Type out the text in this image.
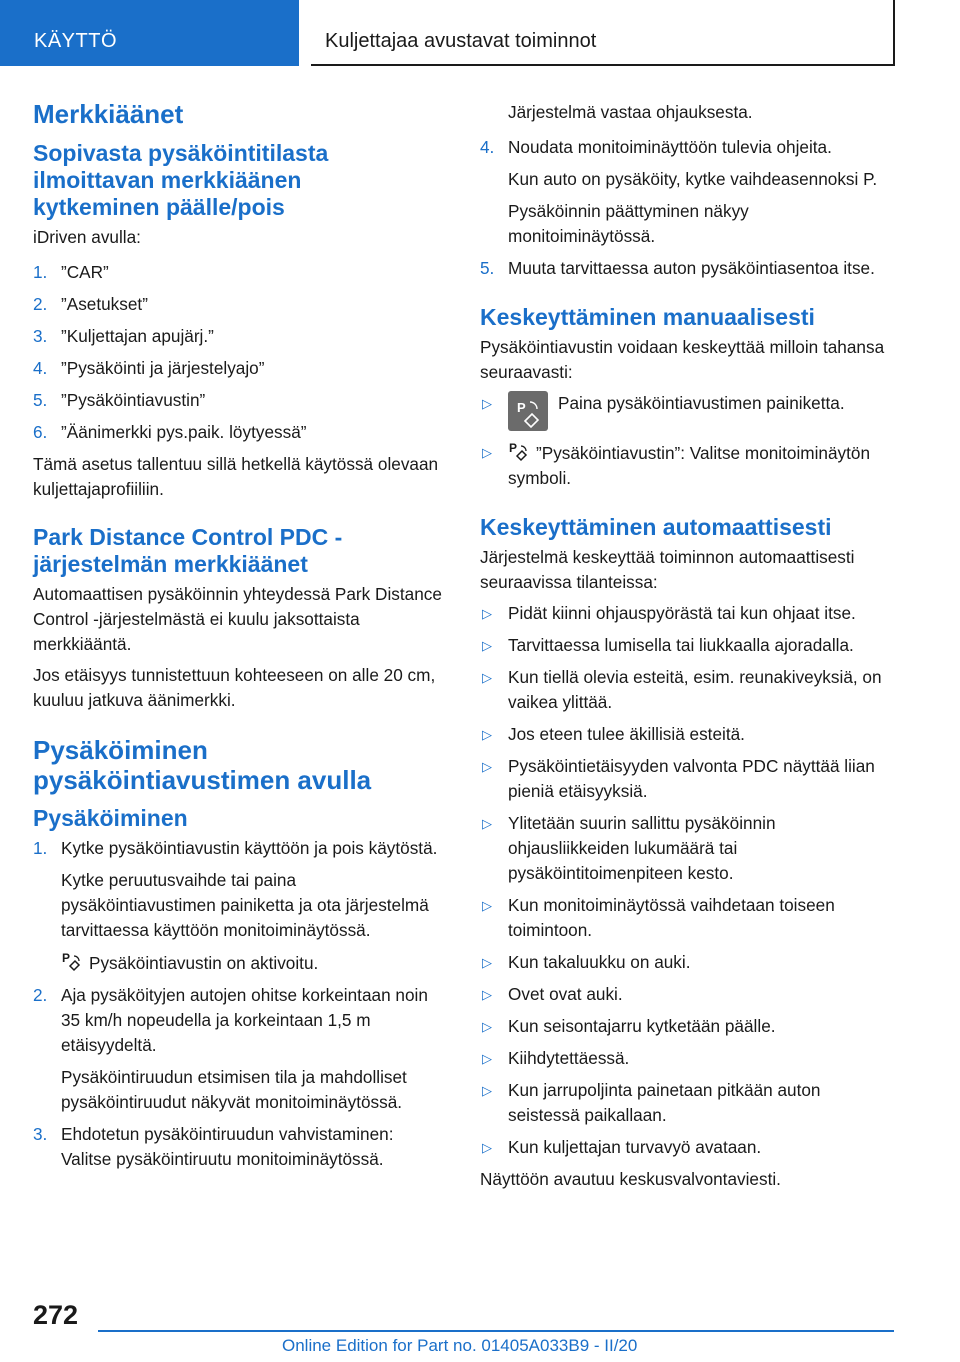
KÄYTTÖ	Kuljettajaa avustavat toiminnot
Merkkiäänet
Sopivasta pysäköintitilasta ilmoittavan merkkiäänen kytkeminen päälle/pois

iDriven avulla:

1. ”CAR”
2. ”Asetukset”
3. ”Kuljettajan apujärj.”
4. ”Pysäköinti ja järjestelyajo”
5. ”Pysäköintiavustin”
6. ”Äänimerkki pys.paik. löytyessä”

Tämä asetus tallentuu sillä hetkellä käytössä olevaan kuljettajaprofiiliin.

Park Distance Control PDC -järjestelmän merkkiäänet

Automaattisen pysäköinnin yhteydessä Park Distance Control -järjestelmästä ei kuulu jaksottaista merkkiääntä.

Jos etäisyys tunnistettuun kohteeseen on alle 20 cm, kuuluu jatkuva äänimerkki.

Pysäköiminen pysäköintiavustimen avulla
Pysäköiminen
1. Kytke pysäköintiavustin käyttöön ja pois käytöstä.
Kytke peruutusvaihde tai paina pysäköintiavustimen painiketta ja ota järjestelmä tarvittaessa käyttöön monitoiminäytössä.
P Pysäköintiavustin on aktivoitu.
2. Aja pysäköityjen autojen ohitse korkeintaan noin 35 km/h nopeudella ja korkeintaan 1,5 m etäisyydeltä.
Pysäköintiruudun etsimisen tila ja mahdolliset pysäköintiruudut näkyvät monitoiminäytössä.
3. Ehdotetun pysäköintiruudun vahvistaminen: Valitse pysäköintiruutu monitoiminäytössä.
Järjestelmä vastaa ohjauksesta.
4. Noudata monitoiminäyttöön tulevia ohjeita.
Kun auto on pysäköity, kytke vaihdeasennoksi P.
Pysäköinnin päättyminen näkyy monitoiminäytössä.
5. Muuta tarvittaessa auton pysäköintiasentoa itse.
Keskeyttäminen manuaalisesti

Pysäköintiavustin voidaan keskeyttää milloin tahansa seuraavasti:

▷ P Paina pysäköintiavustimen painiketta.
▷ P ”Pysäköintiavustin”: Valitse monitoiminäytön symboli.
Keskeyttäminen automaattisesti

Järjestelmä keskeyttää toiminnon automaattisesti seuraavissa tilanteissa:

▷ Pidät kiinni ohjauspyörästä tai kun ohjaat itse.
▷ Tarvittaessa lumisella tai liukkaalla ajoradalla.
▷ Kun tiellä olevia esteitä, esim. reunakiveyksiä, on vaikea ylittää.
▷ Jos eteen tulee äkillisiä esteitä.
▷ Pysäköintietäisyyden valvonta PDC näyttää liian pieniä etäisyyksiä.
▷ Ylitetään suurin sallittu pysäköinnin ohjausliikkeiden lukumäärä tai pysäköintitoimenpiteen kesto.
▷ Kun monitoiminäytössä vaihdetaan toiseen toimintoon.
▷ Kun takaluukku on auki.
▷ Ovet ovat auki.
▷ Kun seisontajarru kytketään päälle.
▷ Kiihdytettäessä.
▷ Kun jarrupoljinta painetaan pitkään auton seistessä paikallaan.
▷ Kun kuljettajan turvavyö avataan.

Näyttöön avautuu keskusvalvontaviesti.

272
Online Edition for Part no. 01405A033B9 - II/20
